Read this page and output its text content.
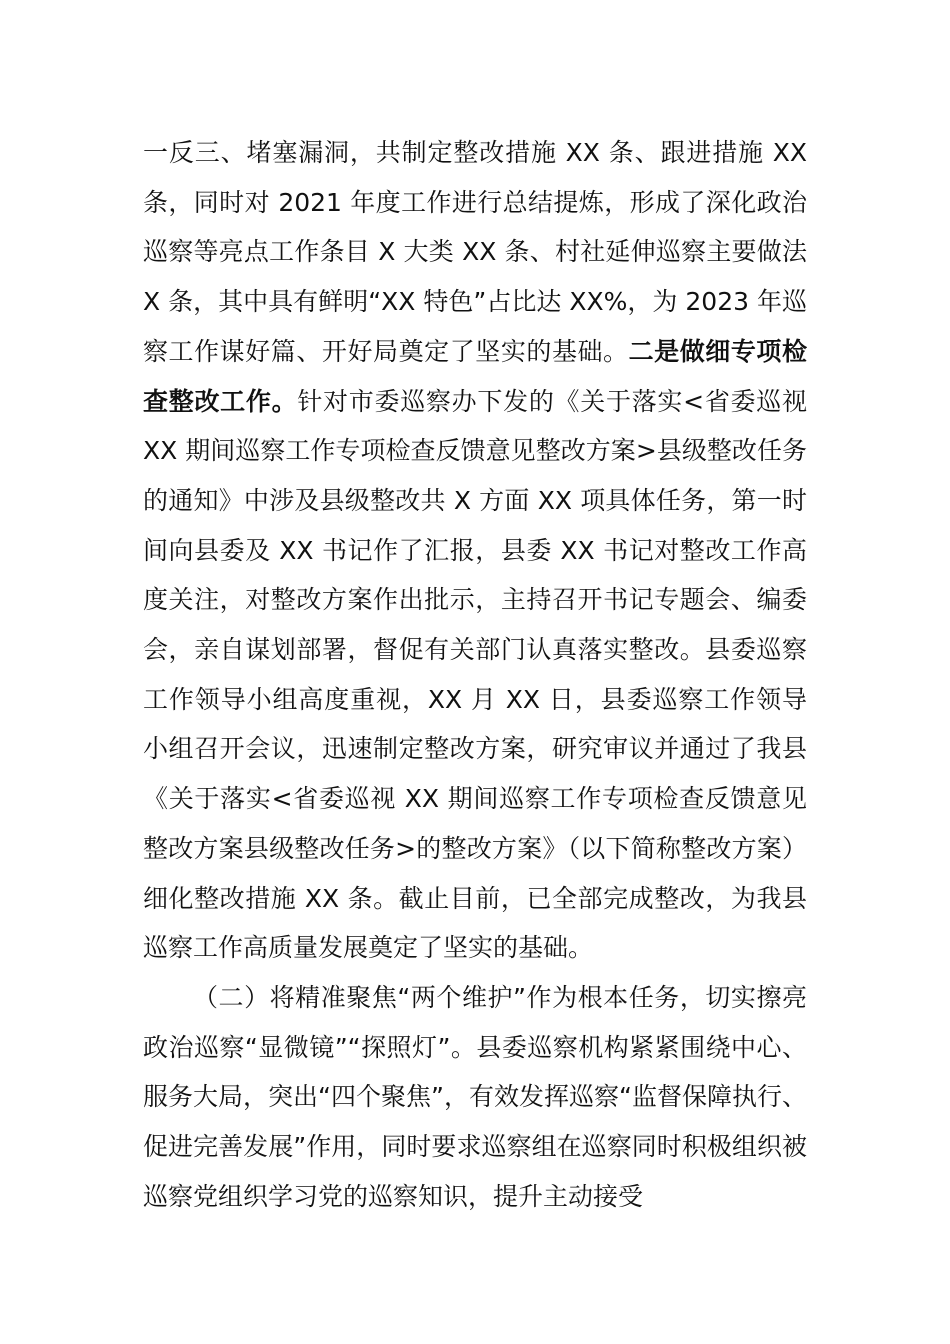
一反三、堵塞漏洞，共制定整改措施 XX 条、跟进措施 XX 条，同时对 2021 年度工作进行总结提炼，形成了深化政治巡察等亮点工作条目 X 大类 XX 条、村社延伸巡察主要做法 X 条，其中具有鲜明“XX 特色”占比达 XX%，为 2023 年巡察工作谋好篇、开好局奠定了坚实的基础。二是做细专项检查整改工作。针对市委巡察办下发的《关于落实<省委巡视 XX 期间巡察工作专项检查反馈意见整改方案>县级整改任务的通知》中涉及县级整改共 X 方面 XX 项具体任务，第一时间向县委及 XX 书记作了汇报，县委 XX 书记对整改工作高度关注，对整改方案作出批示，主持召开书记专题会、编委会，亲自谋划部署，督促有关部门认真落实整改。县委巡察工作领导小组高度重视，XX 月 XX 日，县委巡察工作领导小组召开会议，迅速制定整改方案，研究审议并通过了我县《关于落实<省委巡视 XX 期间巡察工作专项检查反馈意见整改方案县级整改任务>的整改方案》（以下简称整改方案）细化整改措施 XX 条。截止目前，已全部完成整改，为我县巡察工作高质量发展奠定了坚实的基础。

（二）将精准聚焦“两个维护”作为根本任务，切实擦亮政治巡察“显微镜”“探照灯”。县委巡察机构紧紧围绕中心、服务大局，突出“四个聚焦”，有效发挥巡察“监督保障执行、促进完善发展”作用，同时要求巡察组在巡察同时积极组织被巡察党组织学习党的巡察知识，提升主动接受
